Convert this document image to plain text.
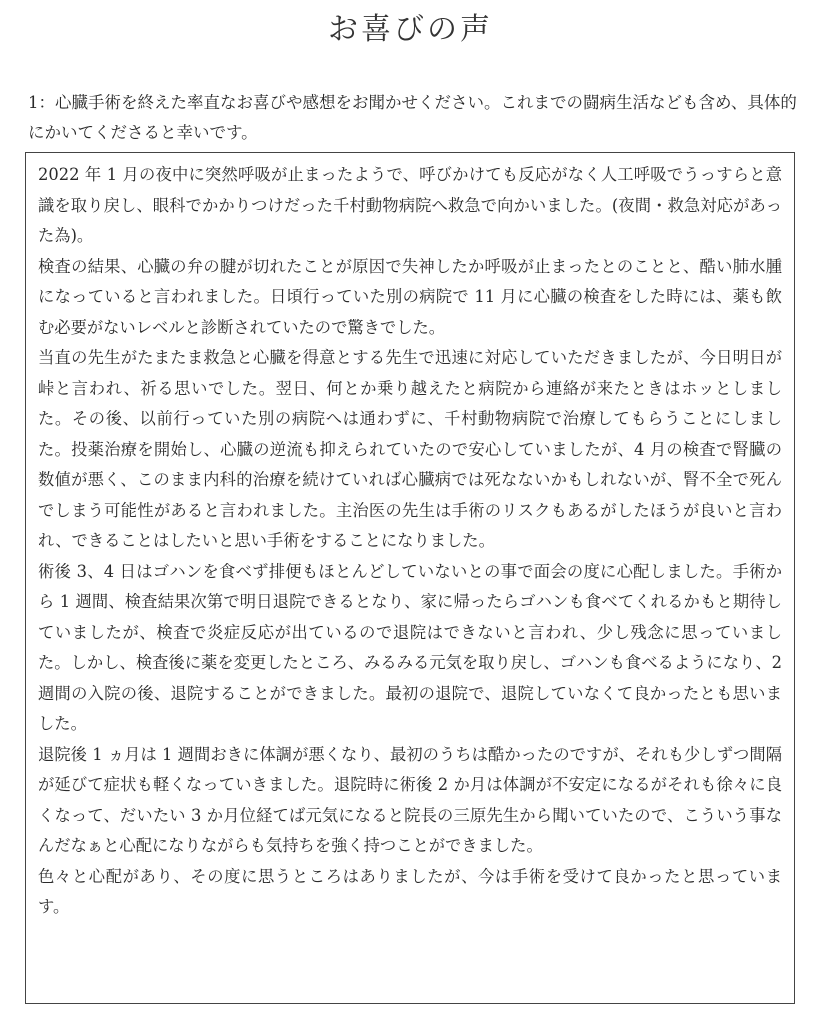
お喜びの声

1：心臓手術を終えた率直なお喜びや感想をお聞かせください。これまでの闘病生活なども含め、具体的にかいてくださると幸いです。

2022 年 1 月の夜中に突然呼吸が止まったようで、呼びかけても反応がなく人工呼吸でうっすらと意識を取り戻し、眼科でかかりつけだった千村動物病院へ救急で向かいました。(夜間・救急対応があった為)。

検査の結果、心臓の弁の腱が切れたことが原因で失神したか呼吸が止まったとのことと、酷い肺水腫になっていると言われました。日頃行っていた別の病院で 11 月に心臓の検査をした時には、薬も飲む必要がないレベルと診断されていたので驚きでした。

当直の先生がたまたま救急と心臓を得意とする先生で迅速に対応していただきましたが、今日明日が峠と言われ、祈る思いでした。翌日、何とか乗り越えたと病院から連絡が来たときはホッとしました。その後、以前行っていた別の病院へは通わずに、千村動物病院で治療してもらうことにしました。投薬治療を開始し、心臓の逆流も抑えられていたので安心していましたが、4 月の検査で腎臓の数値が悪く、このまま内科的治療を続けていれば心臓病では死なないかもしれないが、腎不全で死んでしまう可能性があると言われました。主治医の先生は手術のリスクもあるがしたほうが良いと言われ、できることはしたいと思い手術をすることになりました。

術後 3、4 日はゴハンを食べず排便もほとんどしていないとの事で面会の度に心配しました。手術から 1 週間、検査結果次第で明日退院できるとなり、家に帰ったらゴハンも食べてくれるかもと期待していましたが、検査で炎症反応が出ているので退院はできないと言われ、少し残念に思っていました。しかし、検査後に薬を変更したところ、みるみる元気を取り戻し、ゴハンも食べるようになり、2 週間の入院の後、退院することができました。最初の退院で、退院していなくて良かったとも思いました。

退院後 1 ヵ月は 1 週間おきに体調が悪くなり、最初のうちは酷かったのですが、それも少しずつ間隔が延びて症状も軽くなっていきました。退院時に術後 2 か月は体調が不安定になるがそれも徐々に良くなって、だいたい 3 か月位経てば元気になると院長の三原先生から聞いていたので、こういう事なんだなぁと心配になりながらも気持ちを強く持つことができました。

色々と心配があり、その度に思うところはありましたが、今は手術を受けて良かったと思っています。
